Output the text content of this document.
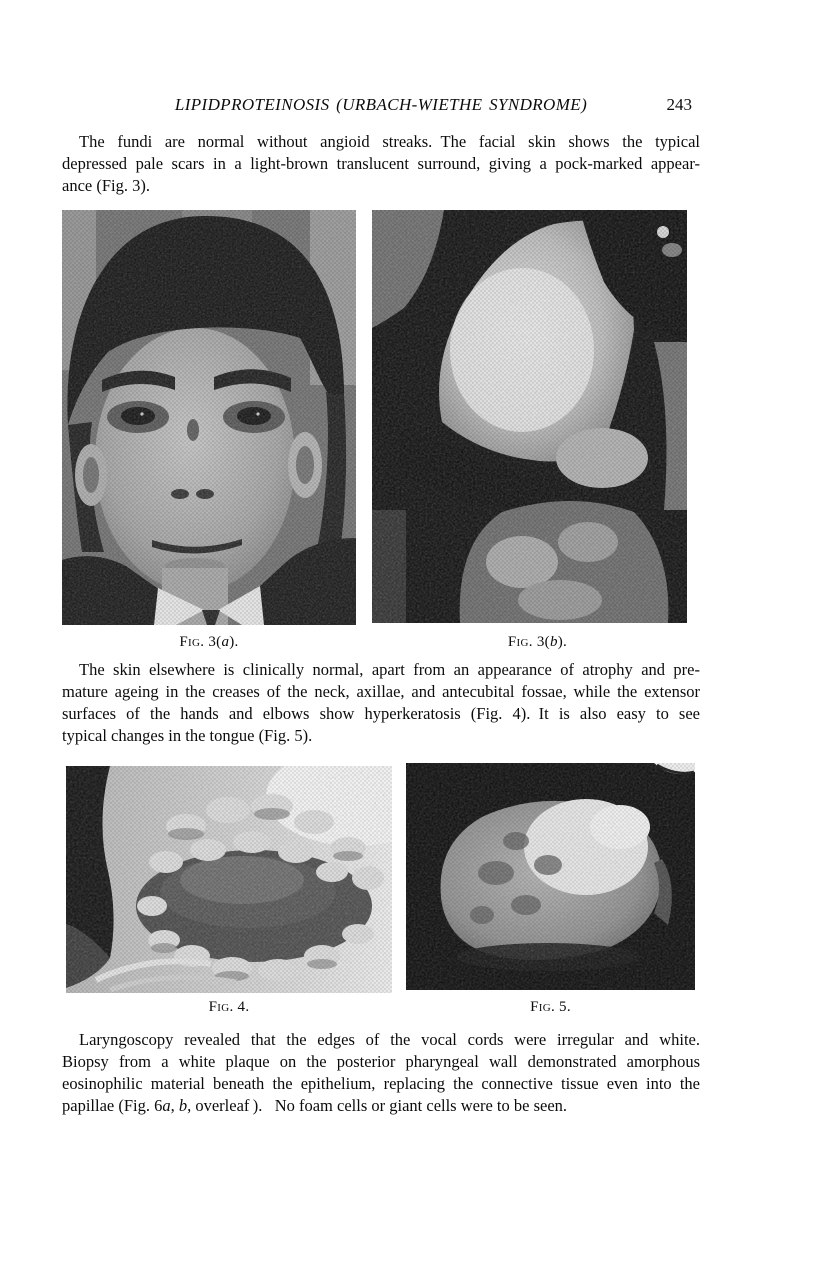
LIPIDPROTEINOSIS (URBACH-WIETHE SYNDROME)	243
The fundi are normal without angioid streaks. The facial skin shows the typical
depressed pale scars in a light-brown translucent surround, giving a pock-marked appear-
ance (Fig. 3).
Fig. 3(a).	Fig. 3(b).
The skin elsewhere is clinically normal, apart from an appearance of atrophy and pre-
mature ageing in the creases of the neck, axillae, and antecubital fossae, while the extensor
surfaces of the hands and elbows show hyperkeratosis (Fig. 4). It is also easy to see
typical changes in the tongue (Fig. 5).
Fig. 4.	Fig. 5.
Laryngoscopy revealed that the edges of the vocal cords were irregular and white.
Biopsy from a white plaque on the posterior pharyngeal wall demonstrated amorphous
eosinophilic material beneath the epithelium, replacing the connective tissue even into the
papillae (Fig. 6a, b, overleaf ).  No foam cells or giant cells were to be seen.
